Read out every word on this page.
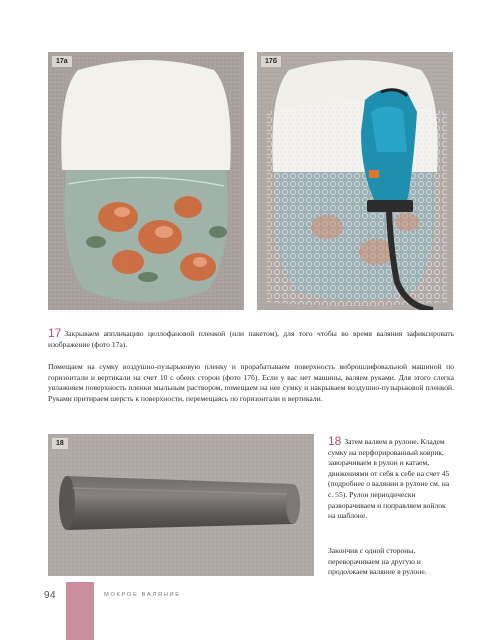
17а	17б

17 Закрываем аппликацию целлофановой пленкой (или пакетом), для того чтобы во время валяния зафиксировать изображение (фото 17а).

Помещаем на сумку воздушно-пузырьковую пленку и прорабатываем поверхность виброшлифовальной машиной по горизонтали и вертикали на счет 10 с обеих сторон (фото 17б). Если у вас нет машины, валяем руками. Для этого слегка увлажняем поверхность пленки мыльным раствором, помещаем на нее сумку и накрываем воздушно-пузырьковой пленкой. Руками притираем шерсть к поверхности, перемещаясь по горизонтали и вертикали.

18	18 Затем валяем в рулоне. Кладем сумку на перфорированный коврик, заворачиваем в рулон и катаем, движениями от себя к себе на счет 45 (подробнее о валянии в рулоне см. на с. 55). Рулон периодически разворачиваем и поправляем войлок на шаблоне.

Закончив с одной стороны, переворачиваем на другую и продолжаем валяние в рулоне.

94	МОКРОЕ ВАЛЯНИЕ
